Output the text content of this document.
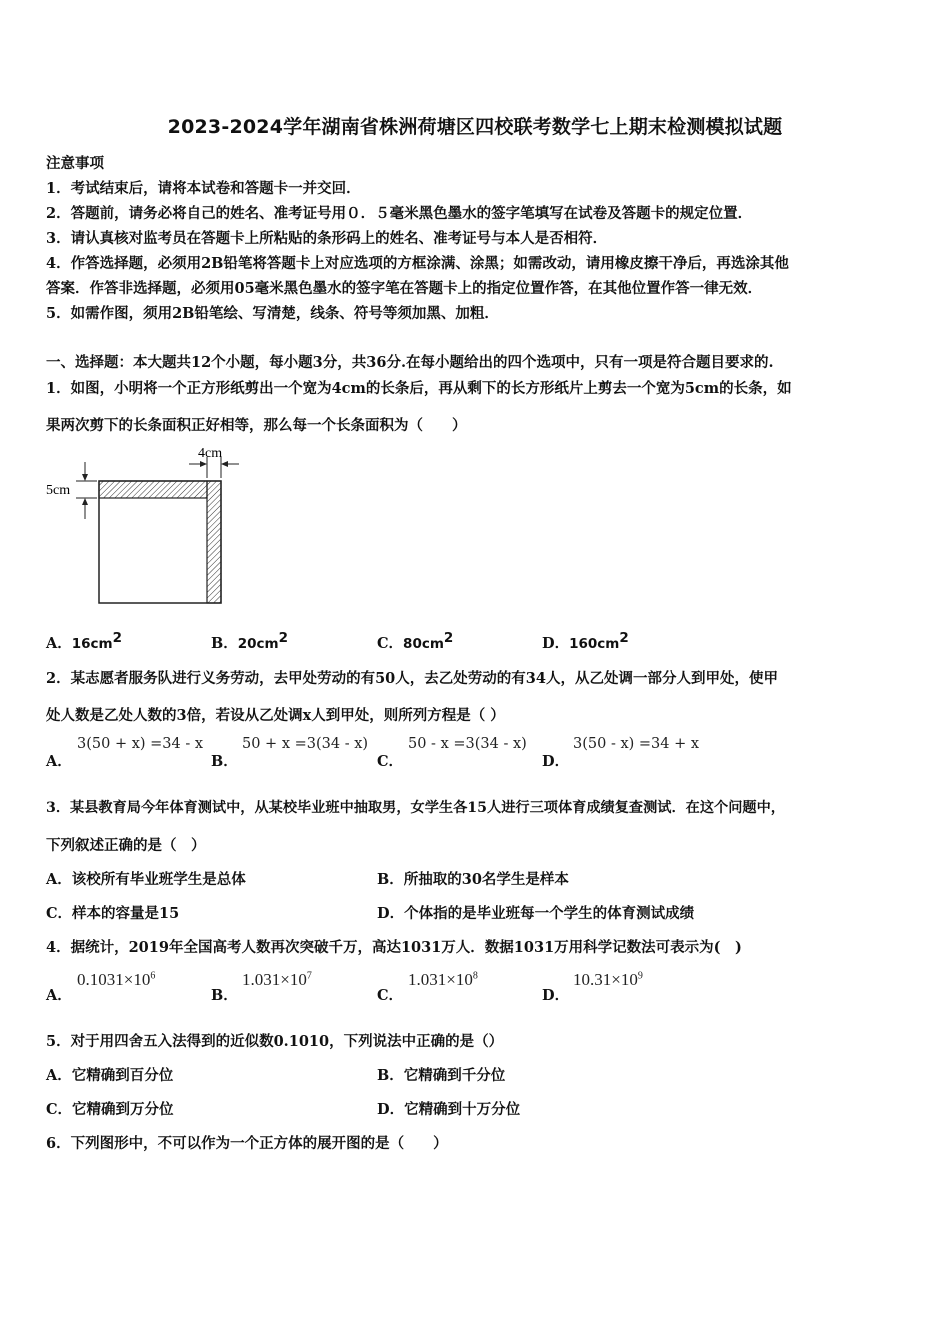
2023-2024学年湖南省株洲荷塘区四校联考数学七上期末检测模拟试题
注意事项
1．考试结束后，请将本试卷和答题卡一并交回．
2．答题前，请务必将自己的姓名、准考证号用０．５毫米黑色墨水的签字笔填写在试卷及答题卡的规定位置．
3．请认真核对监考员在答题卡上所粘贴的条形码上的姓名、准考证号与本人是否相符．
4．作答选择题，必须用2B铅笔将答题卡上对应选项的方框涂满、涂黑；如需改动，请用橡皮擦干净后，再选涂其他
答案．作答非选择题，必须用05毫米黑色墨水的签字笔在答题卡上的指定位置作答，在其他位置作答一律无效．
5．如需作图，须用2B铅笔绘、写清楚，线条、符号等须加黑、加粗．
一、选择题：本大题共12个小题，每小题3分，共36分.在每小题给出的四个选项中，只有一项是符合题目要求的.
1．如图，小明将一个正方形纸剪出一个宽为4cm的长条后，再从剩下的长方形纸片上剪去一个宽为5cm的长条，如
果两次剪下的长条面积正好相等，那么每一个长条面积为（　　）
4cm
5cm
A．$16cm^2$	B．$20cm^2$	C．$80cm^2$	D．$160cm^2$
2．某志愿者服务队进行义务劳动，去甲处劳动的有50人，去乙处劳动的有34人，从乙处调一部分人到甲处，使甲
处人数是乙处人数的3倍，若设从乙处调x人到甲处，则所列方程是（ ）
A．
3(50 + x) =34 - x
B．
50 + x =3(34 - x)
C．
50 - x =3(34 - x)
D．
3(50 - x) =34 + x
3．某县教育局今年体育测试中，从某校毕业班中抽取男，女学生各15人进行三项体育成绩复查测试．在这个问题中，
下列叙述正确的是（　）
A．该校所有毕业班学生是总体	B．所抽取的30名学生是样本
C．样本的容量是15	D．个体指的是毕业班每一个学生的体育测试成绩
4．据统计，2019年全国高考人数再次突破千万，高达1031万人．数据1031万用科学记数法可表示为(　)
A．
$0.1031\times 10^6$
B．
$1.031\times 10^7$
C．
$1.031\times 10^8$
D．
$10.31\times 10^9$
5．对于用四舍五入法得到的近似数0.1010，下列说法中正确的是（）
A．它精确到百分位	B．它精确到千分位
C．它精确到万分位	D．它精确到十万分位
6．下列图形中，不可以作为一个正方体的展开图的是（　　）
